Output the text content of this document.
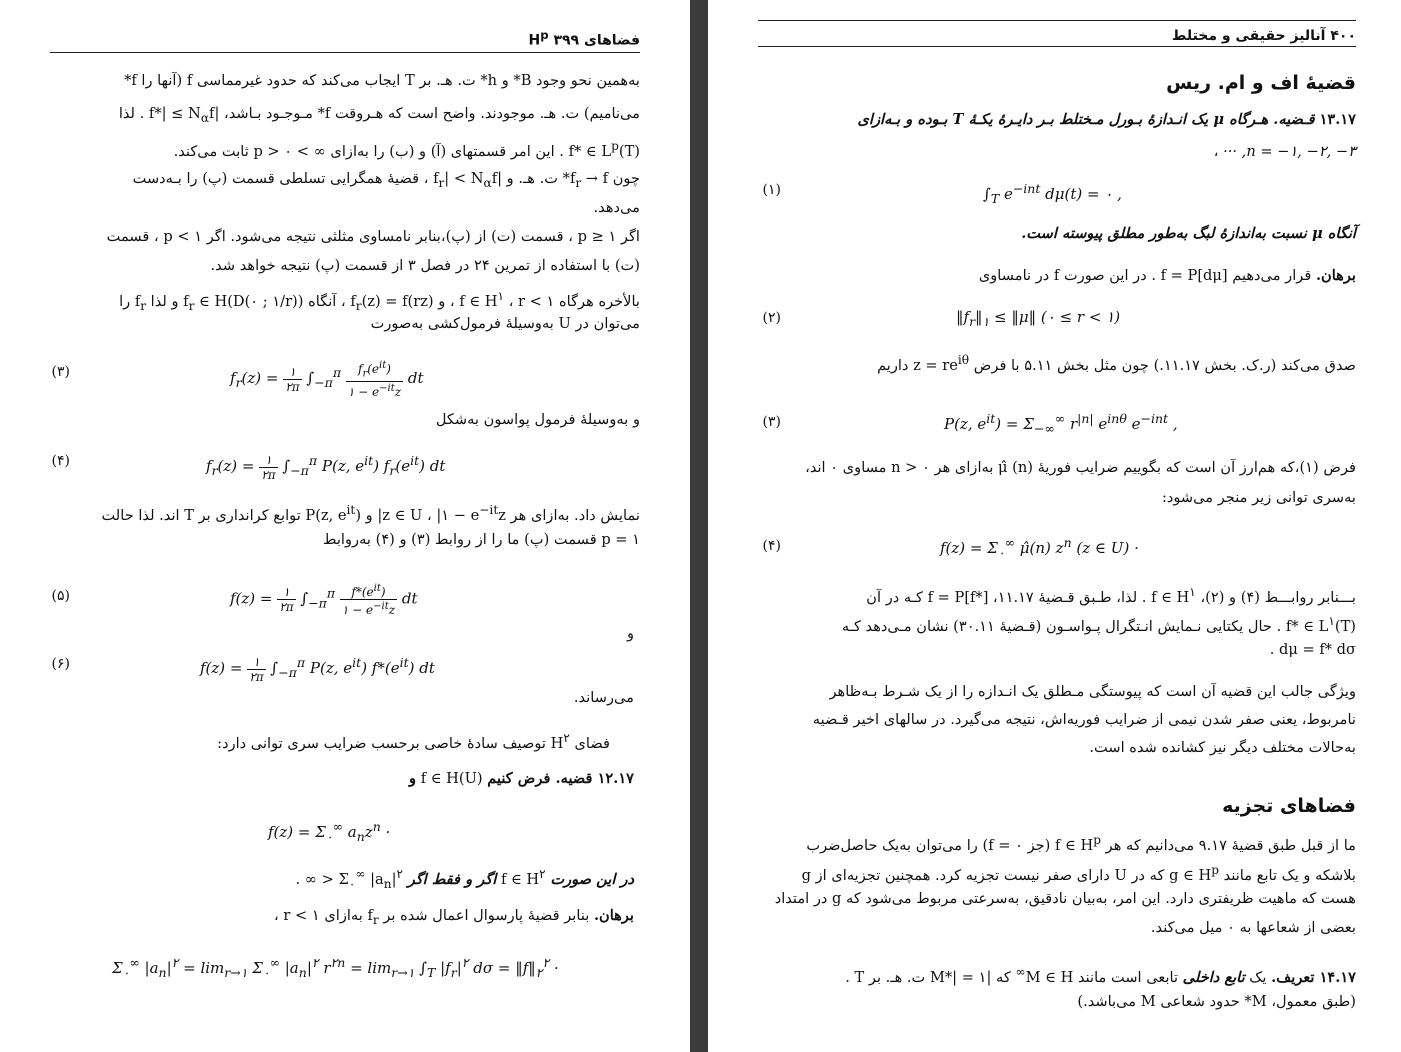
فضاهای $H^p$ ۳۹۹
به‌همین نحو وجود B* و h* ت. هـ. بر T ایجاب می‌کند که حدود غیرمماسی f (آنها را f*
می‌نامیم) ت. هـ. موجودند. واضح است که هـروقت f* مـوجـود بـاشد، $|f*| \le N_\alpha f$ . لذا
f* ∈ $L^p(T)$ . این امر قسمتهای (آ) و (ب) را به‌ازای ∞ > p > ۰ ثابت می‌کند.
چون $f_r \to f*$ ت. هـ. و $|f_r| < N_\alpha f$ ، قضیهٔ همگرایی تسلطی قسمت (پ) را بـه‌دست
می‌دهد.
اگر p ≥ ۱ ، قسمت (ت) از (پ)،بنابر نامساوی مثلثی نتیجه می‌شود. اگر p < ۱ ، قسمت
(ت) با استفاده از تمرین ۲۴ در فصل ۳ از قسمت (پ) نتیجه خواهد شد.
بالأخره هرگاه f ∈ $H^۱$ ، r < ۱ ، و $f_r(z) = f(rz)$ ، آنگاه $f_r$ ∈ H(D(۰ ; ۱/r)) و لذا $f_r$ را
می‌توان در U به‌وسیلهٔ فرمول‌کشی به‌صورت
$f_r(z) = \frac{۱}{۲\pi} \int_{-\pi}^\pi \frac{f_r(e^{it})}{۱ - e^{-it}z}$ dt
(۳)
و به‌وسیلهٔ فرمول پواسون به‌شکل
$f_r(z) = \frac{۱}{۲\pi} \int_{-\pi}^\pi$ P(z, $e^{it}$) $f_r(e^{it})$ dt
(۴)
نمایش داد. به‌ازای هر z ∈ U ، |۱ − $e^{-it}z|$ و P(z, $e^{it}$) توابع کرانداری بر T اند. لذا حالت
p = ۱ قسمت (پ) ما را از روابط (۳) و (۴) به‌روابط
$f(z) = \frac{۱}{۲\pi} \int_{-\pi}^\pi \frac{f*(e^{it})}{۱ - e^{-it}z}$ dt
(۵)
و
$f(z) = \frac{۱}{۲\pi} \int_{-\pi}^\pi$ P(z, $e^{it}$) $f*(e^{it})$ dt
(۶)
می‌رساند.
فضای $H^۲$ توصیف سادهٔ خاصی برحسب ضرایب سری توانی دارد:
۱۲.۱۷ قضیه. فرض کنیم f ∈ H(U) و
$f(z) = \Sigma_۰^\infty$ $a_nz^n$ ·
در این صورت f ∈ $H^۲$ اگر و فقط اگر $\Sigma_۰^\infty$ $|a_n|^۲$ < ∞ .
برهان. بنابر قضیهٔ پارسوال اعمال شده بر $f_r$ به‌ازای r < ۱ ،
$\Sigma_۰^\infty$ $|a_n|^۲ = \lim_{r\to ۱} \Sigma_۰^\infty$ $|a_n|^۲$ $r^{۲n} = \lim_{r\to ۱} \int_T$ $|f_r|^۲$ $d\sigma = ‖f‖_۲^۲$ ·
۴۰۰ آنالیز حقیقی و مختلط
قضیهٔ اف و ام. ریس
۱۳.۱۷ قـضیه. هـرگاه μ یک انـدازهٔ بـورل مـختلط بـر دایـرهٔ یکـهٔ T بـوده و بـه‌ازای
n = −۱, −۲, −۳, ··· ،
$\int_T$ $e^{-int}$ dμ(t) = ۰ ,
(۱)
آنگاه μ نسبت به‌اندازهٔ لبگ به‌طور مطلق پیوسته است.
برهان. قرار می‌دهیم f = P[dμ] . در این صورت f در نامساوی
$‖f_r‖_۱$ ≤ ‖μ‖ (۰ ≤ r < ۱)
(۲)
صدق می‌کند (ر.ک. بخش ۱۱.۱۷.) چون مثل بخش ۵.۱۱ با فرض $z = re^{i\theta}$ داریم
P(z, $e^{it}) = \Sigma_{-\infty}^\infty$ $r^{|n|}$ $e^{in\theta}$ $e^{-int}$ ,
(۳)
فرض (۱)،که هم‌ارز آن است که بگوییم ضرایب فوریهٔ μ̂ (n) به‌ازای هر n > ۰ مساوی ۰ اند،
به‌سری توانی زیر منجر می‌شود:
$f(z) = \Sigma_۰^\infty$ μ̂(n) $z^n$ (z ∈ U) ·
(۴)
بـــنابر روابـــط (۴) و (۲)، f ∈ $H^۱$ . لذا، طـبق قـضیهٔ ۱۱.۱۷، f = P[f*] کـه در آن
f* ∈ $L^۱(T)$ . حال یکتایی نـمایش انـتگرال پـواسـون (قـضیهٔ ۳۰.۱۱) نشان مـی‌دهد کـه
dμ = f* dσ .
ویژگی جالب این قضیه آن است که پیوستگی مـطلق یک انـدازه را از یک شـرط بـه‌ظاهر
نامربوط، یعنی صفر شدن نیمی از ضرایب فوریه‌اش، نتیجه می‌گیرد. در سالهای اخیر قـضیه
به‌حالات مختلف دیگر نیز کشانده شده است.
فضاهای تجزیه
ما از قبل طبق قضیهٔ ۹.۱۷ می‌دانیم که هر f ∈ $H^p$ (جز f = ۰) را می‌توان به‌یک حاصل‌ضرب
بلاشکه و یک تابع مانند g ∈ $H^p$ که در U دارای صفر نیست تجزیه کرد. همچنین تجزیه‌ای از g
هست که ماهیت ظریفتری دارد. این امر، به‌بیان نادقیق، به‌سرعتی مربوط می‌شود که g در امتداد
بعضی از شعاعها به ۰ میل می‌کند.
۱۴.۱۷ تعریف. یک تابع داخلی تابعی است مانند M ∈ H∞ که |M*| = ۱ ت. هـ. بر T .
(طبق معمول، M* حدود شعاعی M می‌باشد.)
